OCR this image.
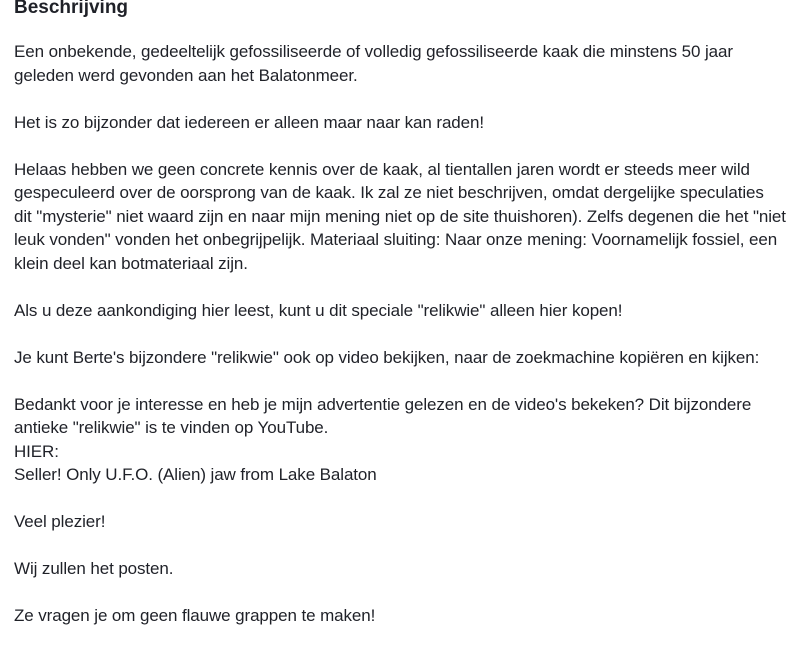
Beschrijving

Een onbekende, gedeeltelijk gefossiliseerde of volledig gefossiliseerde kaak die minstens 50 jaar geleden werd gevonden aan het Balatonmeer.

Het is zo bijzonder dat iedereen er alleen maar naar kan raden!

Helaas hebben we geen concrete kennis over de kaak, al tientallen jaren wordt er steeds meer wild gespeculeerd over de oorsprong van de kaak. Ik zal ze niet beschrijven, omdat dergelijke speculaties dit "mysterie" niet waard zijn en naar mijn mening niet op de site thuishoren). Zelfs degenen die het "niet leuk vonden" vonden het onbegrijpelijk. Materiaal sluiting: Naar onze mening: Voornamelijk fossiel, een klein deel kan botmateriaal zijn.

Als u deze aankondiging hier leest, kunt u dit speciale "relikwie" alleen hier kopen!

Je kunt Berte's bijzondere "relikwie" ook op video bekijken, naar de zoekmachine kopiëren en kijken:

Bedankt voor je interesse en heb je mijn advertentie gelezen en de video's bekeken? Dit bijzondere antieke "relikwie" is te vinden op YouTube.

HIER:

Seller! Only U.F.O. (Alien) jaw from Lake Balaton

Veel plezier!

Wij zullen het posten.

Ze vragen je om geen flauwe grappen te maken!
